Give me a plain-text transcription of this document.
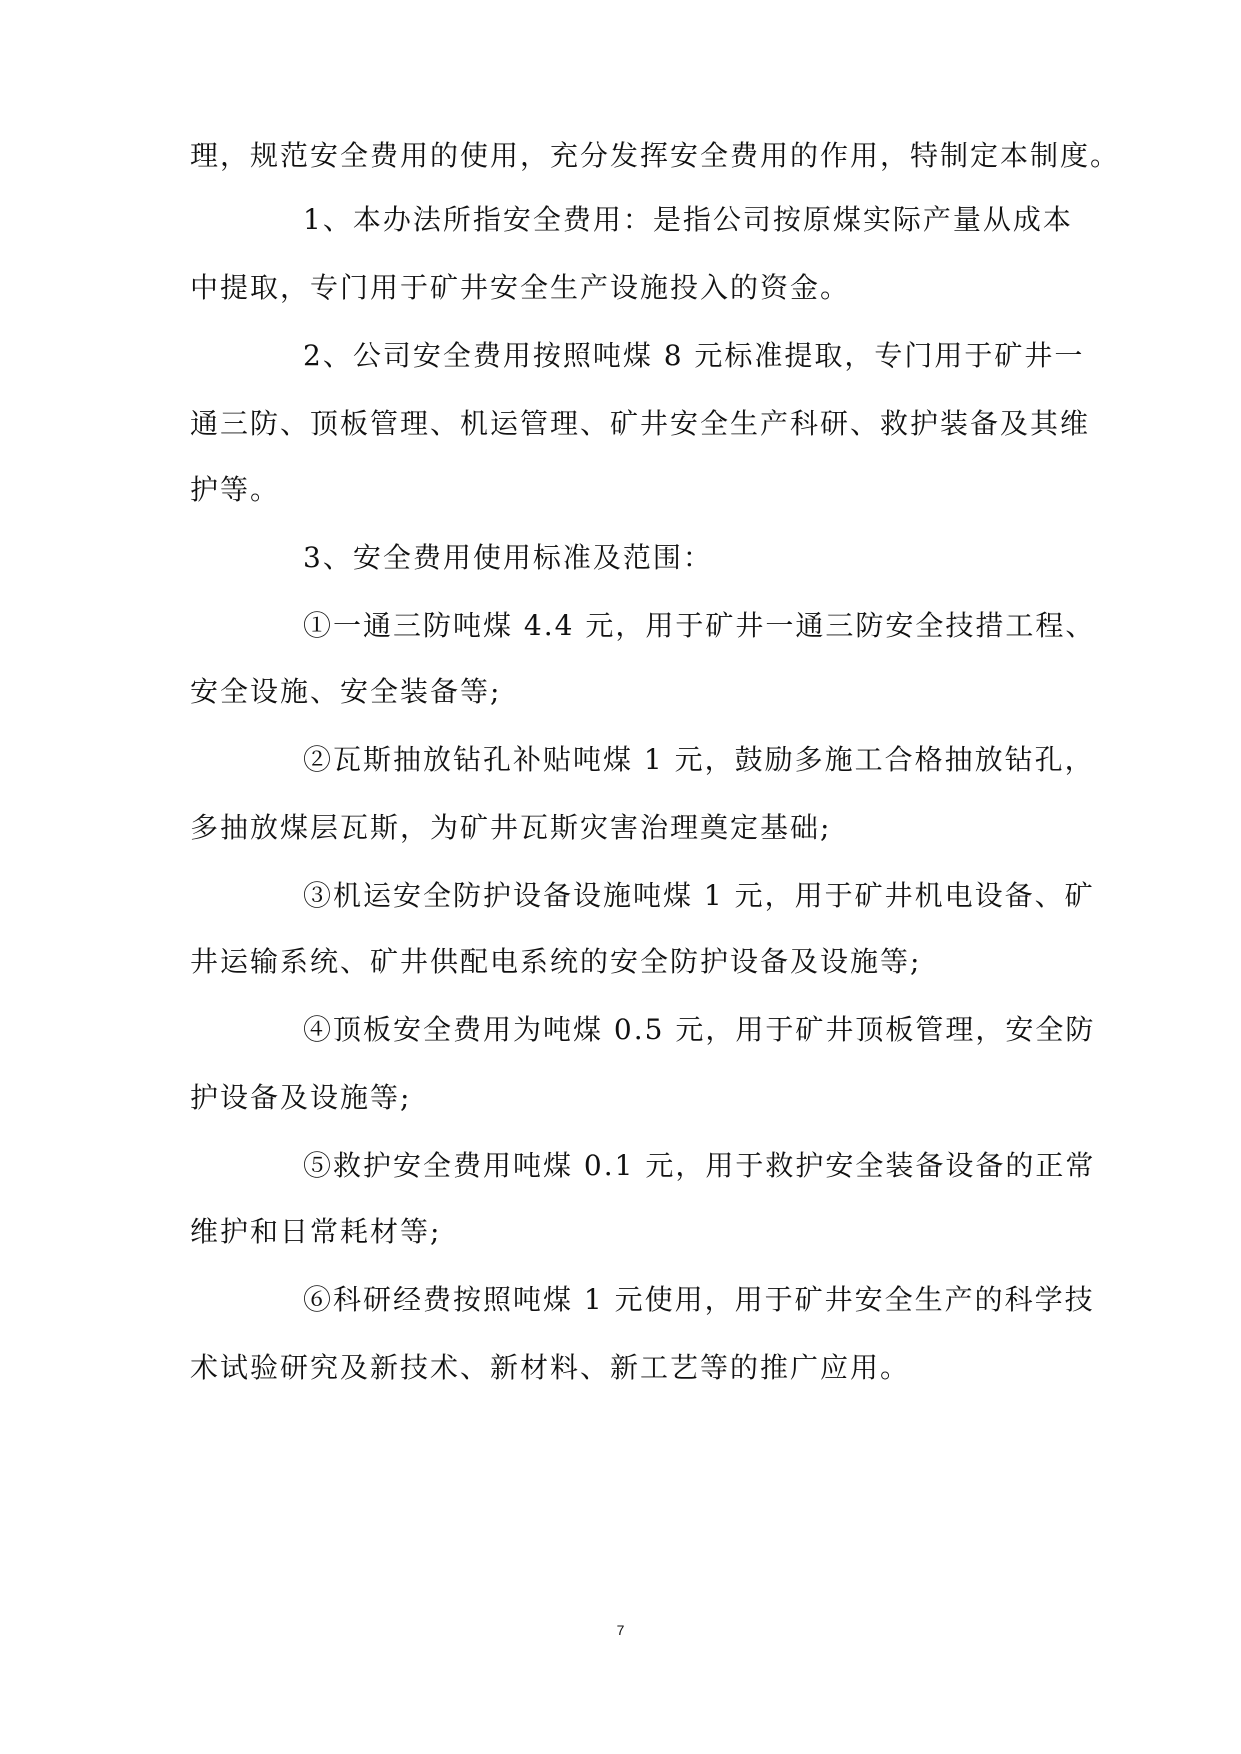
理，规范安全费用的使用，充分发挥安全费用的作用，特制定本制度。
1、本办法所指安全费用：是指公司按原煤实际产量从成本
中提取，专门用于矿井安全生产设施投入的资金。
2、公司安全费用按照吨煤 8 元标准提取，专门用于矿井一
通三防、顶板管理、机运管理、矿井安全生产科研、救护装备及其维
护等。
3、安全费用使用标准及范围：
①一通三防吨煤 4.4 元，用于矿井一通三防安全技措工程、
安全设施、安全装备等;
②瓦斯抽放钻孔补贴吨煤 1 元，鼓励多施工合格抽放钻孔，
多抽放煤层瓦斯，为矿井瓦斯灾害治理奠定基础;
③机运安全防护设备设施吨煤 1 元，用于矿井机电设备、矿
井运输系统、矿井供配电系统的安全防护设备及设施等;
④顶板安全费用为吨煤 0.5 元，用于矿井顶板管理，安全防
护设备及设施等;
⑤救护安全费用吨煤 0.1 元，用于救护安全装备设备的正常
维护和日常耗材等;
⑥科研经费按照吨煤 1 元使用，用于矿井安全生产的科学技
术试验研究及新技术、新材料、新工艺等的推广应用。
7
